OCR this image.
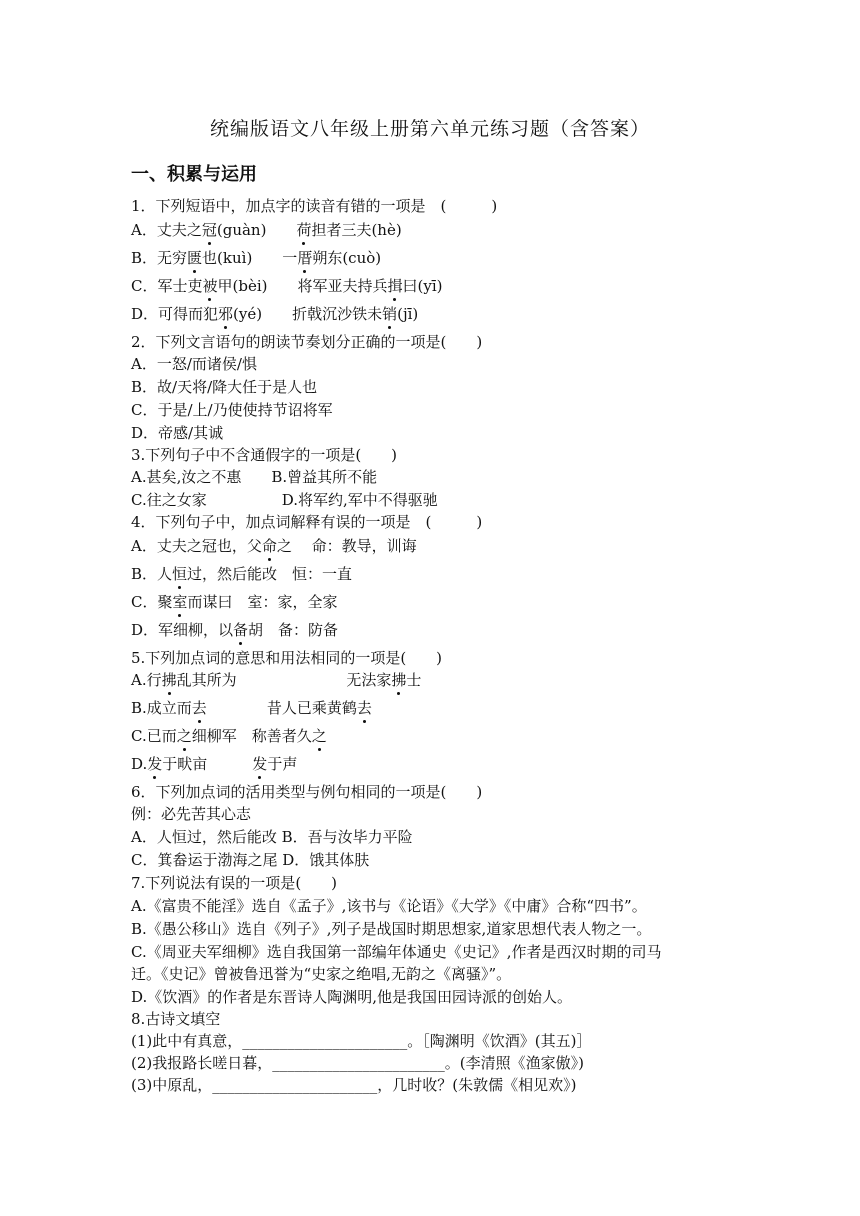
统编版语文八年级上册第六单元练习题（含答案）
一、积累与运用
1．下列短语中，加点字的读音有错的一项是　(　　　)
A．丈夫之冠(guàn)　　荷担者三夫(hè)
B．无穷匮也(kuì)　　一厝朔东(cuò)
C．军士吏被甲(bèi)　　将军亚夫持兵揖曰(yī)
D．可得而犯邪(yé)　　折戟沉沙铁未销(jī)
2．下列文言语句的朗读节奏划分正确的一项是(　　)
A．一怒/而诸侯/惧
B．故/天将/降大任于是人也
C．于是/上/乃使使持节诏将军
D．帝感/其诚
3.下列句子中不含通假字的一项是(　　)
A.甚矣,汝之不惠　　B.曾益其所不能
C.往之女家　　　　　D.将军约,军中不得驱驰
4．下列句子中，加点词解释有误的一项是　(　　　)
A．丈夫之冠也，父命之　 命：教导，训诲
B．人恒过，然后能改　恒：一直
C．聚室而谋曰　室：家，全家
D．军细柳，以备胡　备：防备
5.下列加点词的意思和用法相同的一项是(　　)
A.行拂乱其所为　　　　　　　 无法家拂士
B.成立而去　　　　昔人已乘黄鹤去
C.已而之细柳军　称善者久之
D.发于畎亩　　　发于声
6．下列加点词的活用类型与例句相同的一项是(　　)
例：必先苦其心志
A．人恒过，然后能改 B．吾与汝毕力平险
C．箕畚运于渤海之尾 D．饿其体肤
7.下列说法有误的一项是(　　)
A.《富贵不能淫》选自《孟子》,该书与《论语》《大学》《中庸》合称“四书”。
B.《愚公移山》选自《列子》,列子是战国时期思想家,道家思想代表人物之一。
C.《周亚夫军细柳》选自我国第一部编年体通史《史记》,作者是西汉时期的司马
迁。《史记》曾被鲁迅誉为“史家之绝唱,无韵之《离骚》”。
D.《饮酒》的作者是东晋诗人陶渊明,他是我国田园诗派的创始人。
8.古诗文填空
(1)此中有真意，______________________。［陶渊明《饮酒》(其五)］
(2)我报路长嗟日暮，_______________________。(李清照《渔家傲》)
(3)中原乱，______________________，几时收？(朱敦儒《相见欢》)
